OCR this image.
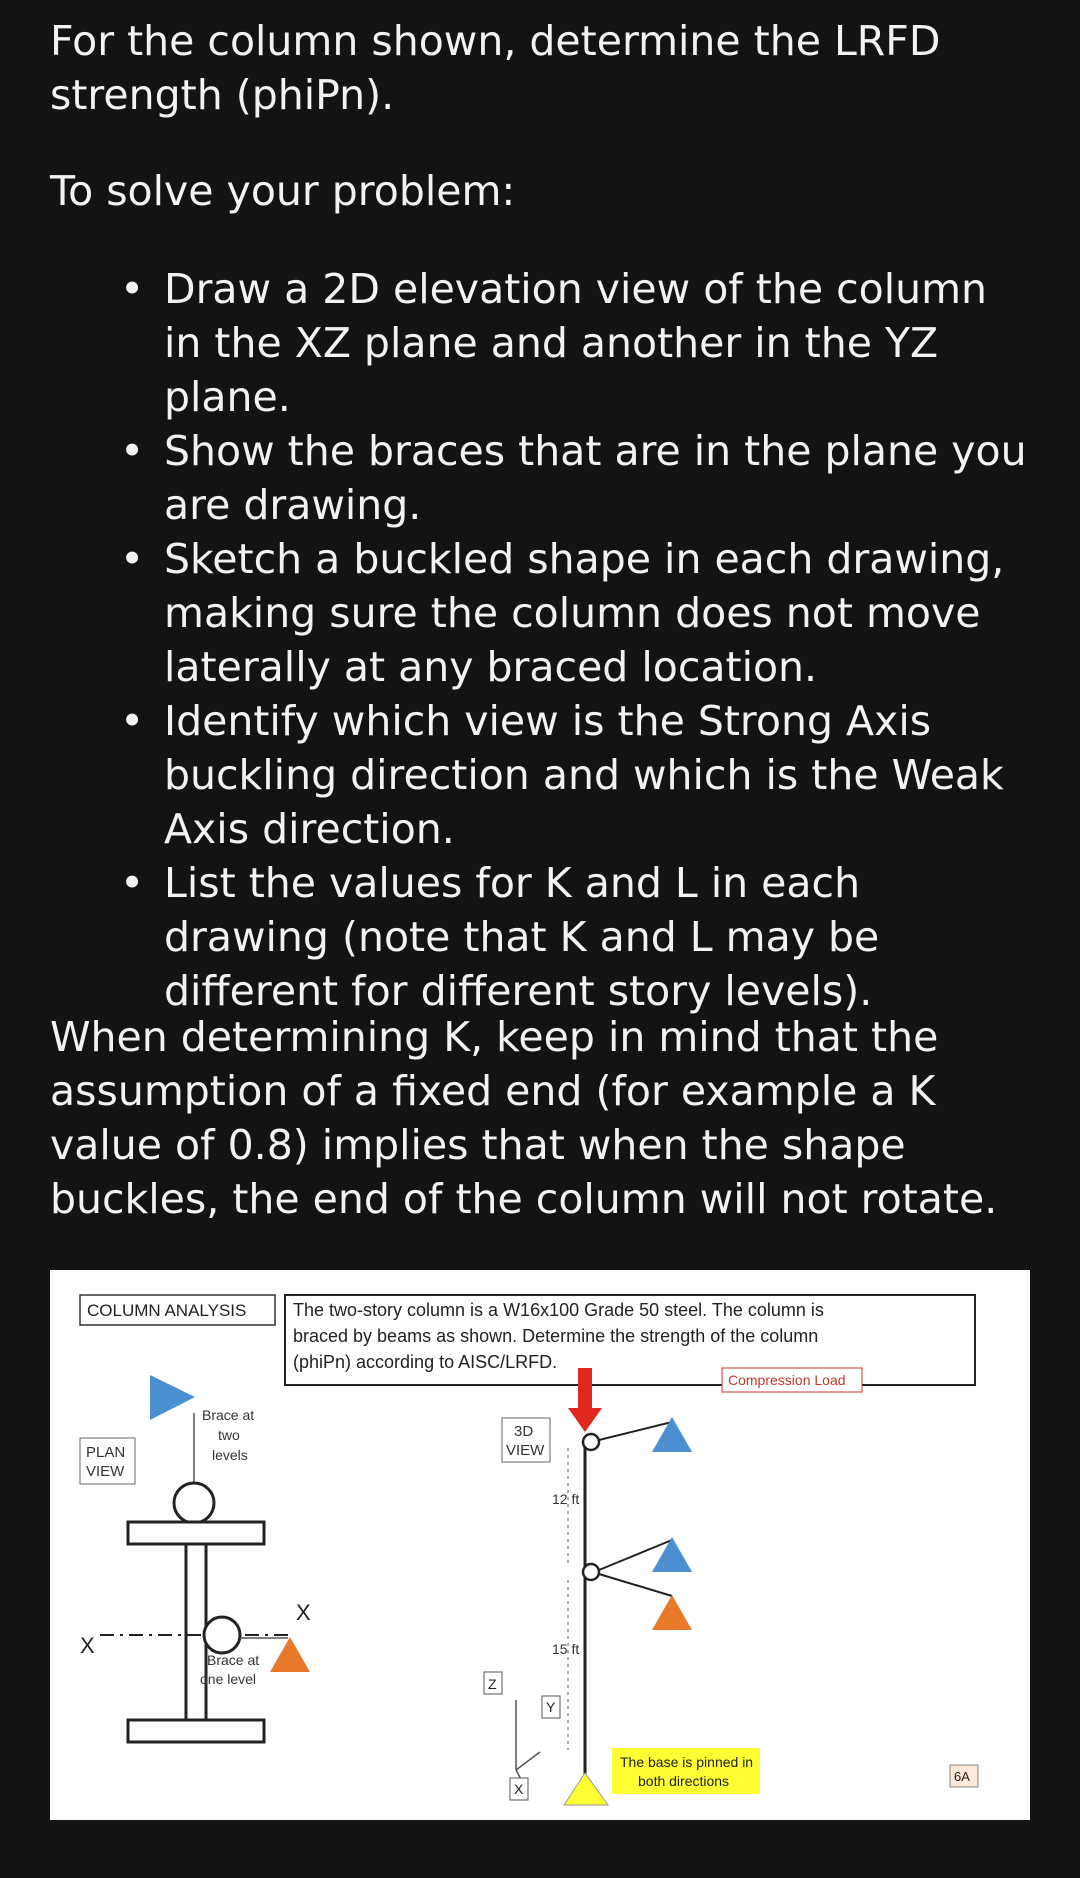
For the column shown, determine the LRFD strength (phiPn).
To solve your problem:
• Draw a 2D elevation view of the column in the XZ plane and another in the YZ plane.
• Show the braces that are in the plane you are drawing.
• Sketch a buckled shape in each drawing, making sure the column does not move laterally at any braced location.
• Identify which view is the Strong Axis buckling direction and which is the Weak Axis direction.
• List the values for K and L in each drawing (note that K and L may be different for different story levels).

When determining K, keep in mind that the assumption of a fixed end (for example a K value of 0.8) implies that when the shape buckles, the end of the column will not rotate.

COLUMN ANALYSIS	The two-story column is a W16x100 Grade 50 steel. The column is
braced by beams as shown. Determine the strength of the column
(phiPn) according to AISC/LRFD.
Compression Load
PLAN
VIEW
Brace at
two
levels
X
X
Brace at
one level
3D
VIEW
12 ft
15 ft
The base is pinned in
both directions
Z
Y
X
6A
